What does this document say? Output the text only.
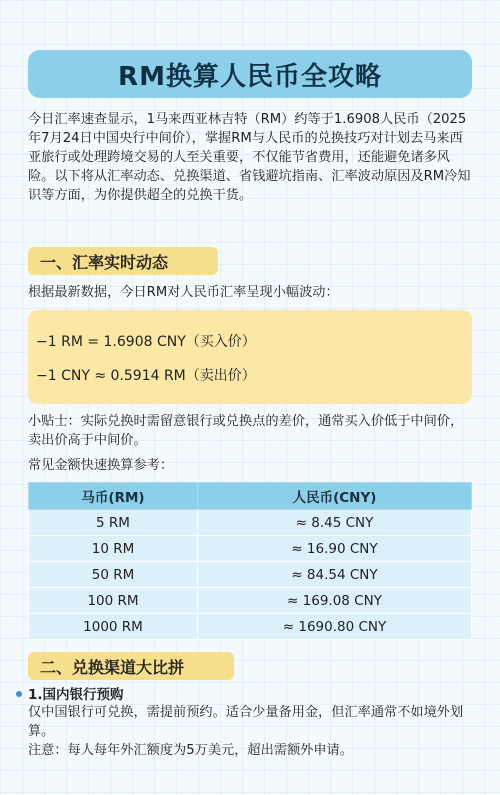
RM换算人民币全攻略

今日汇率速查显示，1马来西亚林吉特（RM）约等于1.6908人民币（2025年7月24日中国央行中间价），掌握RM与人民币的兑换技巧对计划去马来西亚旅行或处理跨境交易的人至关重要，不仅能节省费用，还能避免诸多风险。以下将从汇率动态、兑换渠道、省钱避坑指南、汇率波动原因及RM冷知识等方面，为你提供超全的兑换干货。

一、汇率实时动态

根据最新数据，今日RM对人民币汇率呈现小幅波动：

−1 RM = 1.6908 CNY（买入价）
−1 CNY ≈ 0.5914 RM（卖出价）

小贴士：实际兑换时需留意银行或兑换点的差价，通常买入价低于中间价，卖出价高于中间价。

常见金额快速换算参考：

马币(RM)	人民币(CNY)
5 RM	≈ 8.45 CNY
10 RM	≈ 16.90 CNY
50 RM	≈ 84.54 CNY
100 RM	≈ 169.08 CNY
1000 RM	≈ 1690.80 CNY
二、兑换渠道大比拼
1.国内银行预购

仅中国银行可兑换，需提前预约。适合少量备用金，但汇率通常不如境外划算。

注意：每人每年外汇额度为5万美元，超出需额外申请。
